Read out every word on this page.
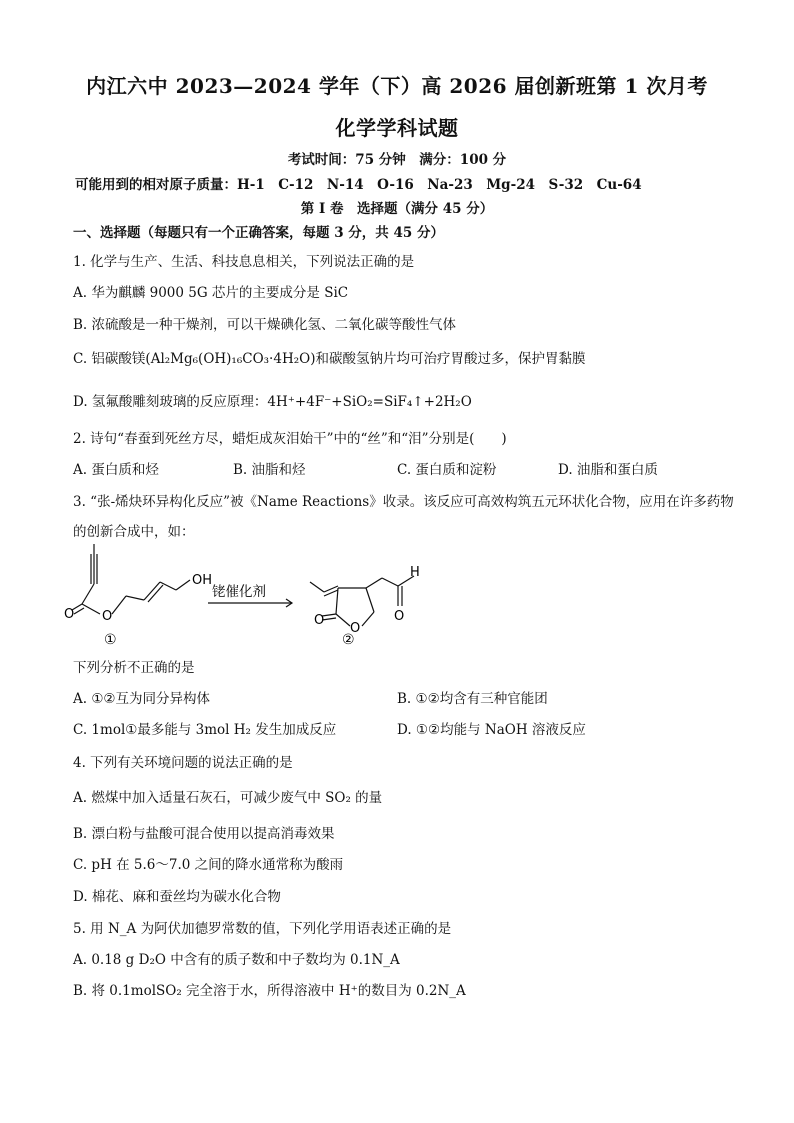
内江六中 2023—2024 学年（下）高 2026 届创新班第 1 次月考
化学学科试题
考试时间：75 分钟　满分：100 分
可能用到的相对原子质量：H-1　C-12　N-14　O-16　Na-23　Mg-24　S-32　Cu-64
第 I 卷　选择题（满分 45 分）
一、选择题（每题只有一个正确答案，每题 3 分，共 45 分）
1. 化学与生产、生活、科技息息相关，下列说法正确的是
A. 华为麒麟 9000 5G 芯片的主要成分是 SiC
B. 浓硫酸是一种干燥剂，可以干燥碘化氢、二氧化碳等酸性气体
C. 铝碳酸镁(Al₂Mg₆(OH)₁₆CO₃·4H₂O)和碳酸氢钠片均可治疗胃酸过多，保护胃黏膜
D. 氢氟酸雕刻玻璃的反应原理：4H⁺+4F⁻+SiO₂=SiF₄↑+2H₂O
2. 诗句“春蚕到死丝方尽，蜡炬成灰泪始干”中的“丝”和“泪”分别是(　　)
A. 蛋白质和烃	B. 油脂和烃	C. 蛋白质和淀粉	D. 油脂和蛋白质
3. “张-烯炔环异构化反应”被《Name Reactions》收录。该反应可高效构筑五元环状化合物，应用在许多药物
的创新合成中，如：
OH
O O
铑催化剂
O
O
O
H
①	②
下列分析不正确的是
A. ①②互为同分异构体	B. ①②均含有三种官能团
C. 1mol①最多能与 3mol H₂ 发生加成反应	D. ①②均能与 NaOH 溶液反应
4. 下列有关环境问题的说法正确的是
A. 燃煤中加入适量石灰石，可减少废气中 SO₂ 的量
B. 漂白粉与盐酸可混合使用以提高消毒效果
C. pH 在 5.6～7.0 之间的降水通常称为酸雨
D. 棉花、麻和蚕丝均为碳水化合物
5. 用 N_A 为阿伏加德罗常数的值，下列化学用语表述正确的是
A. 0.18 g D₂O 中含有的质子数和中子数均为 0.1N_A
B. 将 0.1molSO₂ 完全溶于水，所得溶液中 H⁺的数目为 0.2N_A
